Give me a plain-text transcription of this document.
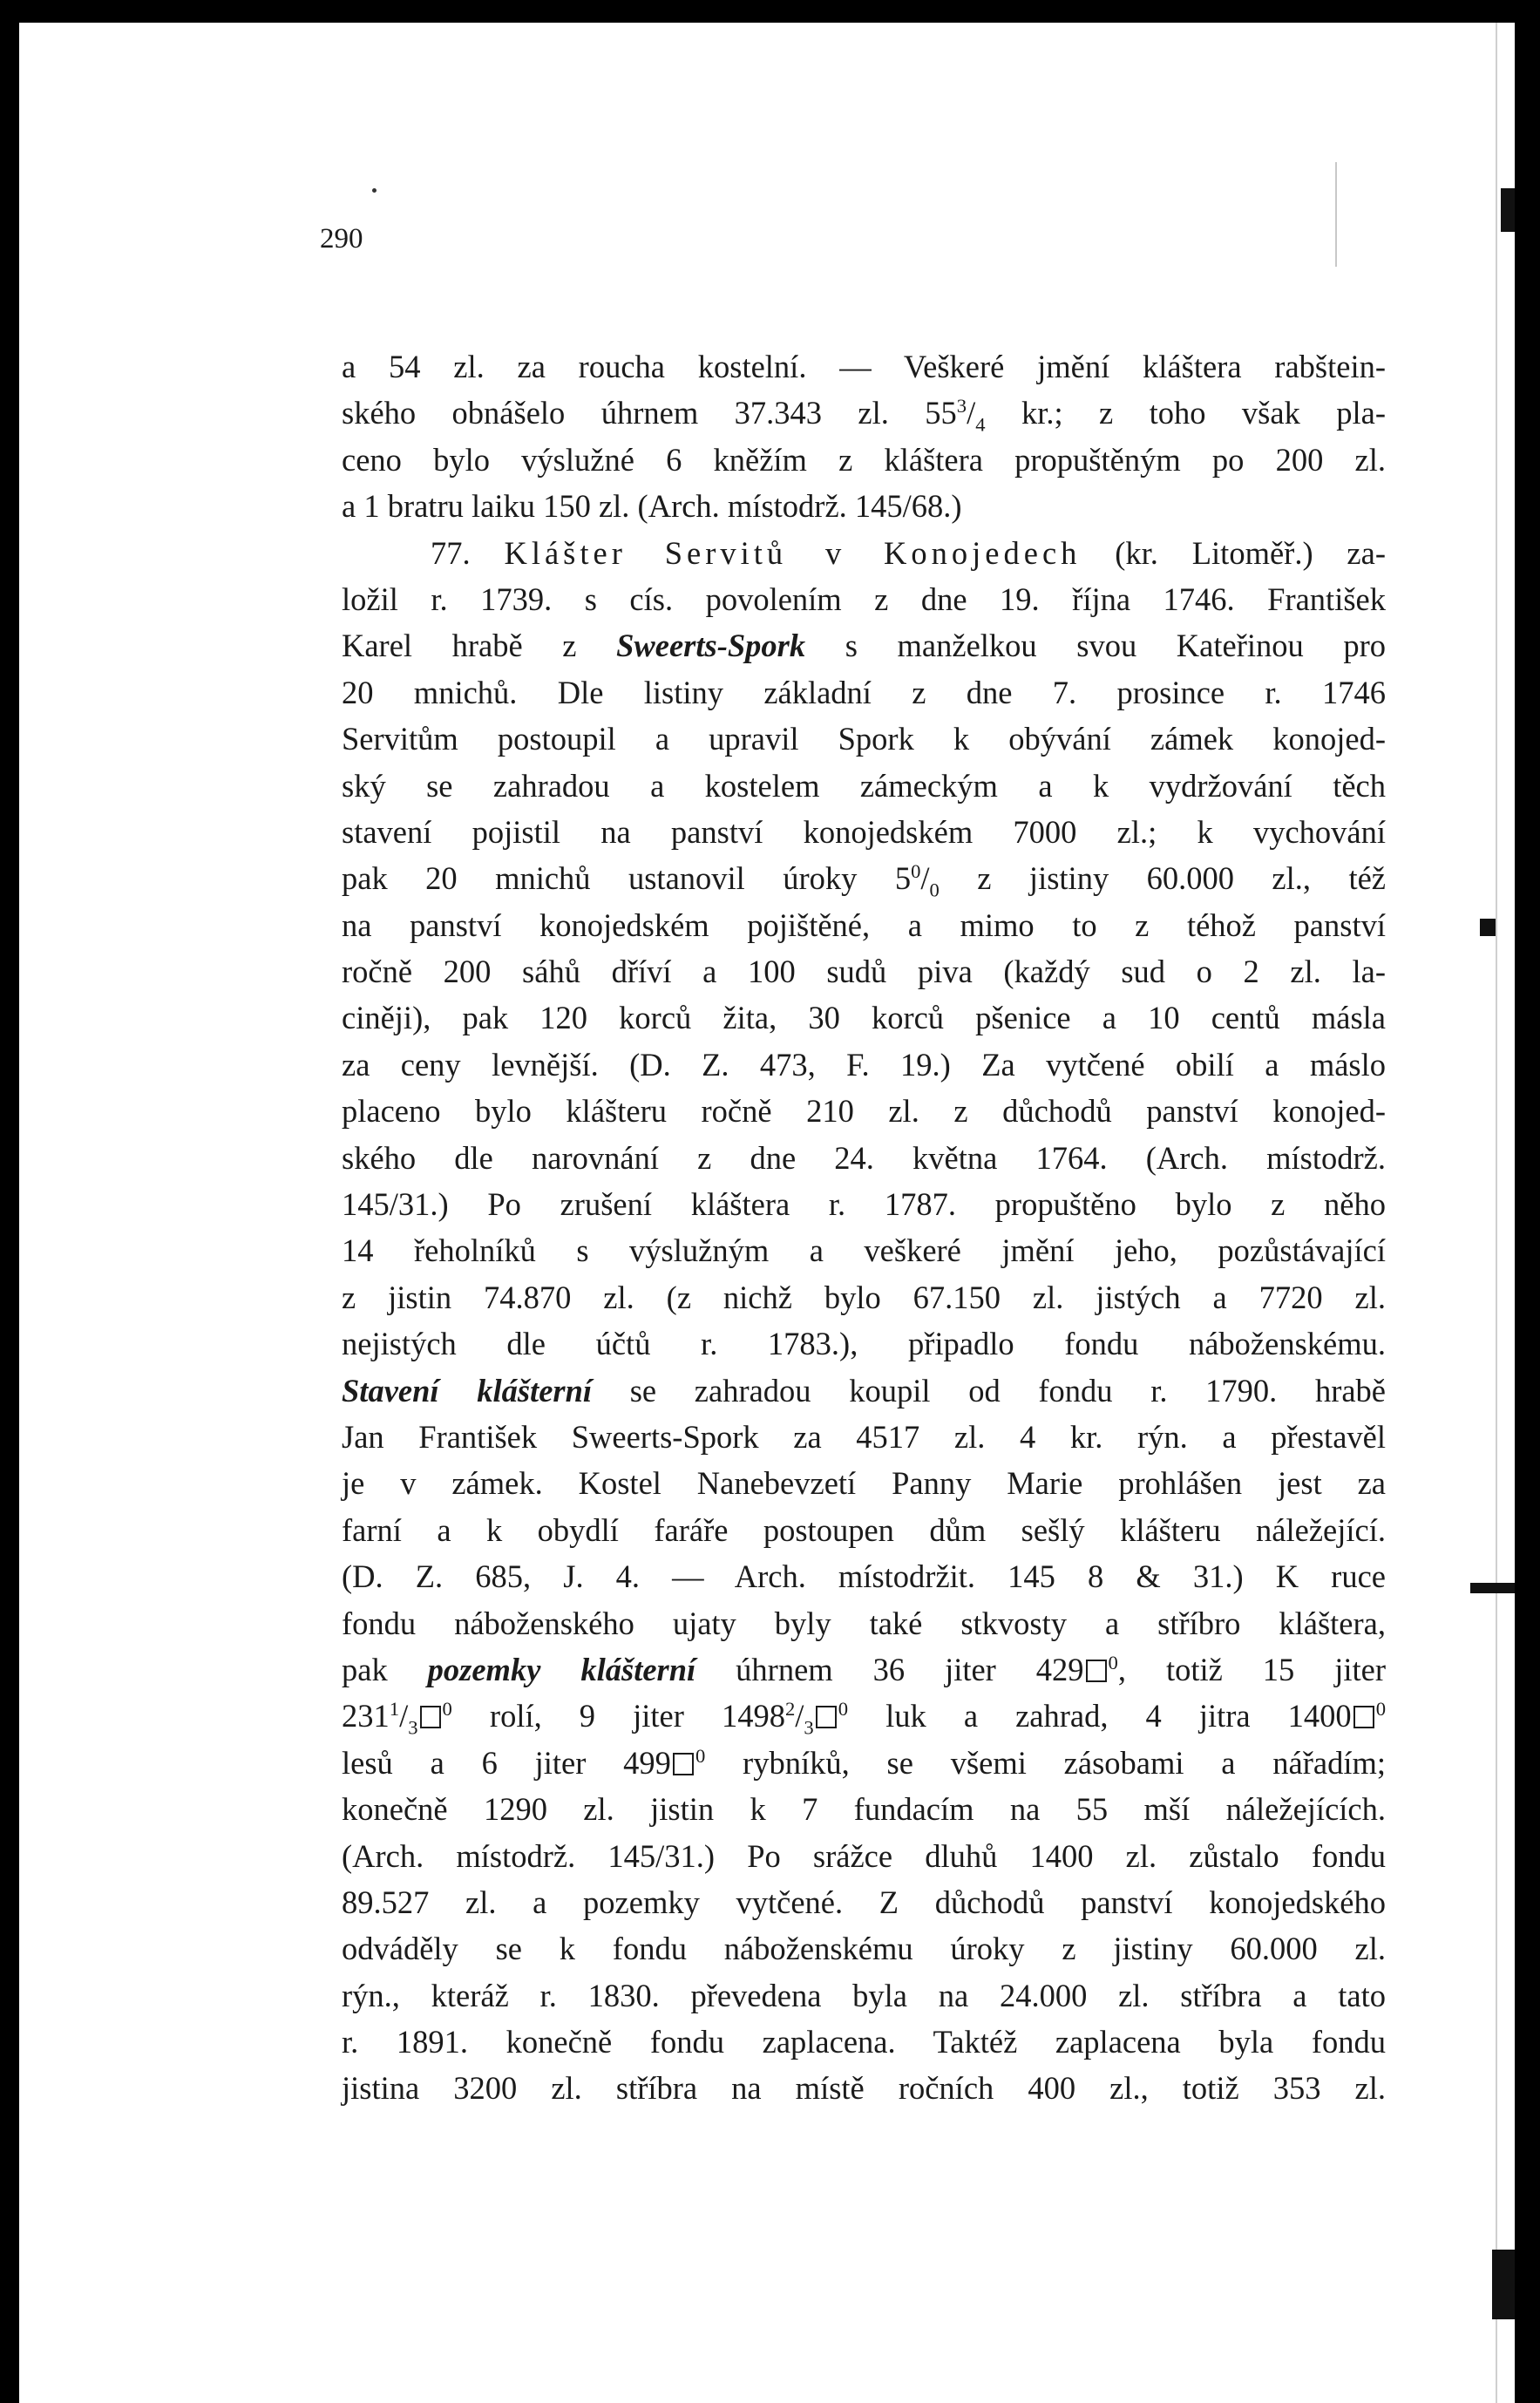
290
a 54 zl. za roucha kostelní. — Veškeré jmění kláštera rabštein-
ského obnášelo úhrnem 37.343 zl. $55^3/_4$ kr.; z toho však pla-
ceno bylo výslužné 6 kněžím z kláštera propuštěným po 200 zl.
a 1 bratru laiku 150 zl. (Arch. místodrž. 145/68.)
77. Klášter Servitů v Konojedech (kr. Litoměř.) za-
ložil r. 1739. s cís. povolením z dne 19. října 1746. František
Karel hrabě z Sweerts-Spork s manželkou svou Kateřinou pro
20 mnichů. Dle listiny základní z dne 7. prosince r. 1746
Servitům postoupil a upravil Spork k obývání zámek konojed-
ský se zahradou a kostelem zámeckým a k vydržování těch
stavení pojistil na panství konojedském 7000 zl.; k vychování
pak 20 mnichů ustanovil úroky $5^0/_0$ z jistiny 60.000 zl., též
na panství konojedském pojištěné, a mimo to z téhož panství
ročně 200 sáhů dříví a 100 sudů piva (každý sud o 2 zl. la-
ciněji), pak 120 korců žita, 30 korců pšenice a 10 centů másla
za ceny levnější. (D. Z. 473, F. 19.) Za vytčené obilí a máslo
placeno bylo klášteru ročně 210 zl. z důchodů panství konojed-
ského dle narovnání z dne 24. května 1764. (Arch. místodrž.
145/31.) Po zrušení kláštera r. 1787. propuštěno bylo z něho
14 řeholníků s výslužným a veškeré jmění jeho, pozůstávající
z jistin 74.870 zl. (z nichž bylo 67.150 zl. jistých a 7720 zl.
nejistých dle účtů r. 1783.), připadlo fondu náboženskému.
Stavení klášterní se zahradou koupil od fondu r. 1790. hrabě
Jan František Sweerts-Spork za 4517 zl. 4 kr. rýn. a přestavěl
je v zámek. Kostel Nanebevzetí Panny Marie prohlášen jest za
farní a k obydlí faráře postoupen dům sešlý klášteru náležející.
(D. Z. 685, J. 4. — Arch. místodržit. 145 8 & 31.) K ruce
fondu náboženského ujaty byly také stkvosty a stříbro kláštera,
pak pozemky klášterní úhrnem 36 jiter 429 $^0$, totiž 15 jiter
$231^1/_3^0$ rolí, 9 jiter $1498^2/_3^0$ luk a zahrad, 4 jitra 1400 $^0$
lesů a 6 jiter 499 $^0$ rybníků, se všemi zásobami a nářadím;
konečně 1290 zl. jistin k 7 fundacím na 55 mší náležejících.
(Arch. místodrž. 145/31.) Po srážce dluhů 1400 zl. zůstalo fondu
89.527 zl. a pozemky vytčené. Z důchodů panství konojedského
odváděly se k fondu náboženskému úroky z jistiny 60.000 zl.
rýn., kteráž r. 1830. převedena byla na 24.000 zl. stříbra a tato
r. 1891. konečně fondu zaplacena. Taktéž zaplacena byla fondu
jistina 3200 zl. stříbra na místě ročních 400 zl., totiž 353 zl.
